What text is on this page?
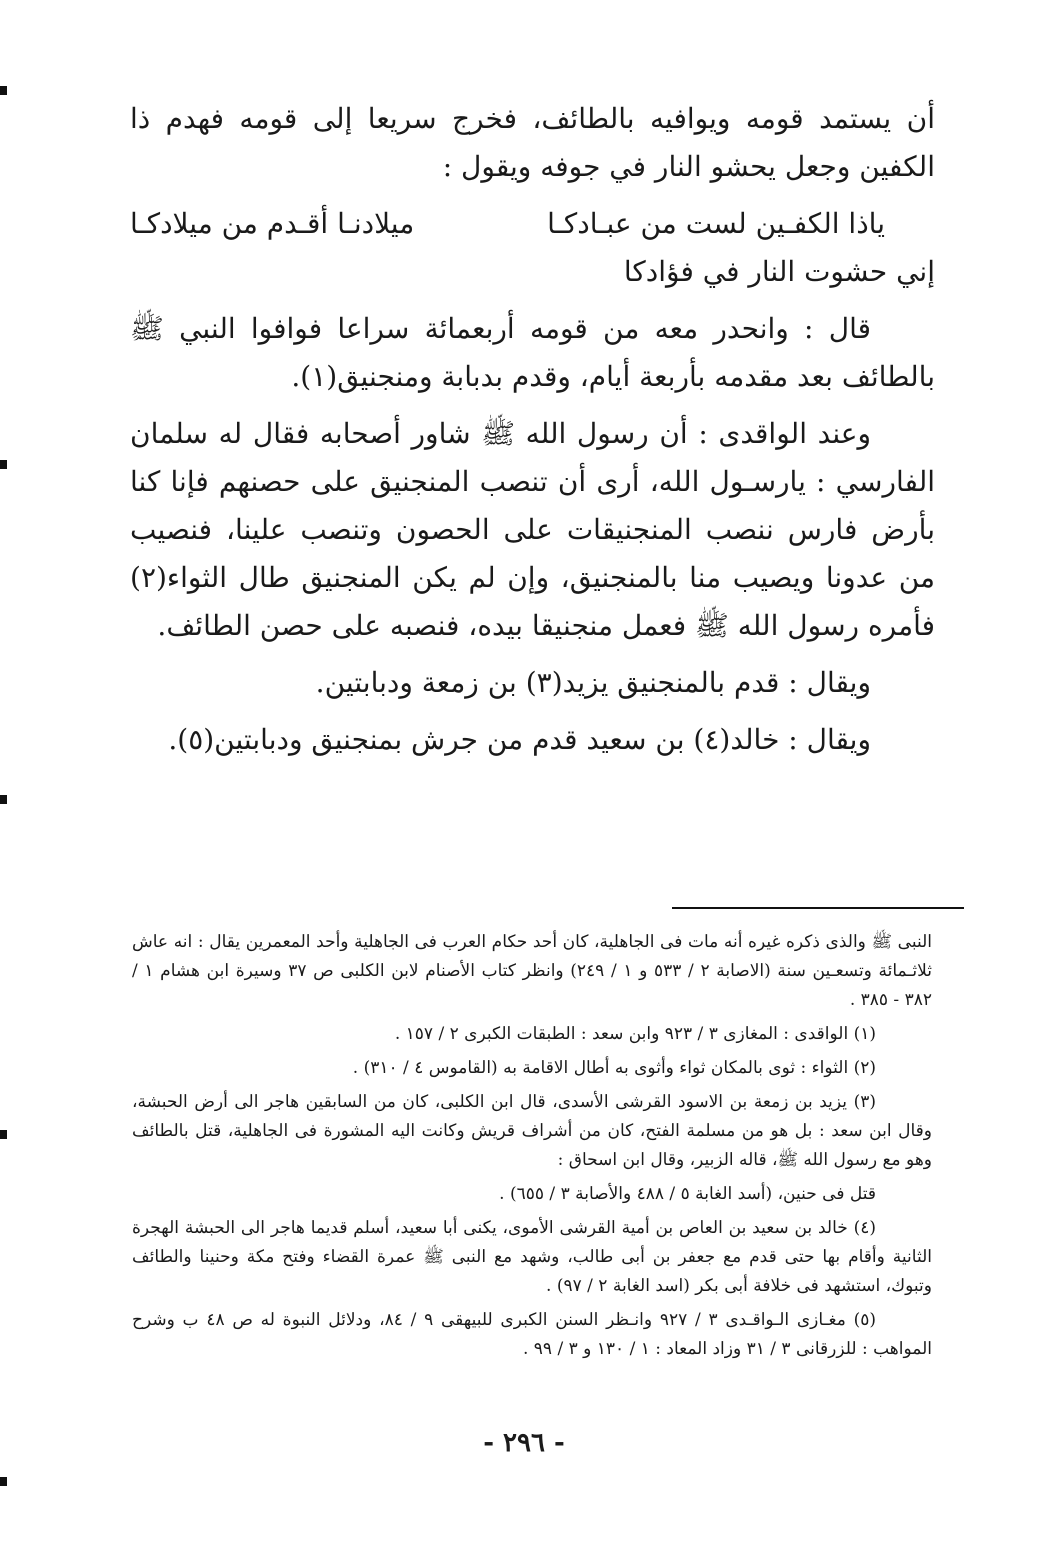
أن يستمد قومه ويوافيه بالطائف، فخرج سريعا إلى قومه فهدم ذا الكفين وجعل يحشو النار في جوفه ويقول :

ياذا الكفـين لست من عبـادكـا
ميلادنـا أقـدم من ميلادكـا
إني حشوت النار في فؤادكا

قال : وانحدر معه من قومه أربعمائة سراعا فوافوا النبي ﷺ بالطائف بعد مقدمه بأربعة أيام، وقدم بدبابة ومنجنيق(١).

وعند الواقدى : أن رسول الله ﷺ شاور أصحابه فقال له سلمان الفارسي : يارسـول الله، أرى أن تنصب المنجنيق على حصنهم فإنا كنا بأرض فارس ننصب المنجنيقات على الحصون وتنصب علينا، فنصيب من عدونا ويصيب منا بالمنجنيق، وإن لم يكن المنجنيق طال الثواء(٢) فأمره رسول الله ﷺ فعمل منجنيقا بيده، فنصبه على حصن الطائف.

ويقال : قدم بالمنجنيق يزيد(٣) بن زمعة ودبابتين.

ويقال : خالد(٤) بن سعيد قدم من جرش بمنجنيق ودبابتين(٥).

النبى ﷺ والذى ذكره غيره أنه مات فى الجاهلية، كان أحد حكام العرب فى الجاهلية وأحد المعمرين يقال : انه عاش ثلاثـمائة وتسعـين سنة (الاصابة ٢ / ٥٣٣ و ١ / ٢٤٩) وانظر كتاب الأصنام لابن الكلبى ص ٣٧ وسيرة ابن هشام ١ / ٣٨٢ - ٣٨٥ .

(١) الواقدى : المغازى ٣ / ٩٢٣ وابن سعد : الطبقات الكبرى ٢ / ١٥٧ .

(٢) الثواء : ثوى بالمكان ثواء وأثوى به أطال الاقامة به (القاموس ٤ / ٣١٠) .

(٣) يزيد بن زمعة بن الاسود القرشى الأسدى، قال ابن الكلبى، كان من السابقين هاجر الى أرض الحبشة، وقال ابن سعد : بل هو من مسلمة الفتح، كان من أشراف قريش وكانت اليه المشورة فى الجاهلية، قتل بالطائف وهو مع رسول الله ﷺ، قاله الزبير، وقال ابن اسحاق :

قتل فى حنين، (أسد الغابة ٥ / ٤٨٨ والأصابة ٣ / ٦٥٥) .

(٤) خالد بن سعيد بن العاص بن أمية القرشى الأموى، يكنى أبا سعيد، أسلم قديما هاجر الى الحبشة الهجرة الثانية وأقام بها حتى قدم مع جعفر بن أبى طالب، وشهد مع النبى ﷺ عمرة القضاء وفتح مكة وحنينا والطائف وتبوك، استشهد فى خلافة أبى بكر (اسد الغابة ٢ / ٩٧) .

(٥) مغـازى الـواقـدى ٣ / ٩٢٧ وانـظر السنن الكبرى للبيهقى ٩ / ٨٤، ودلائل النبوة له ص ٤٨ ب وشرح المواهب : للزرقانى ٣ / ٣١ وزاد المعاد : ١ / ١٣٠ و ٣ / ٩٩ .

- ٢٩٦ -
